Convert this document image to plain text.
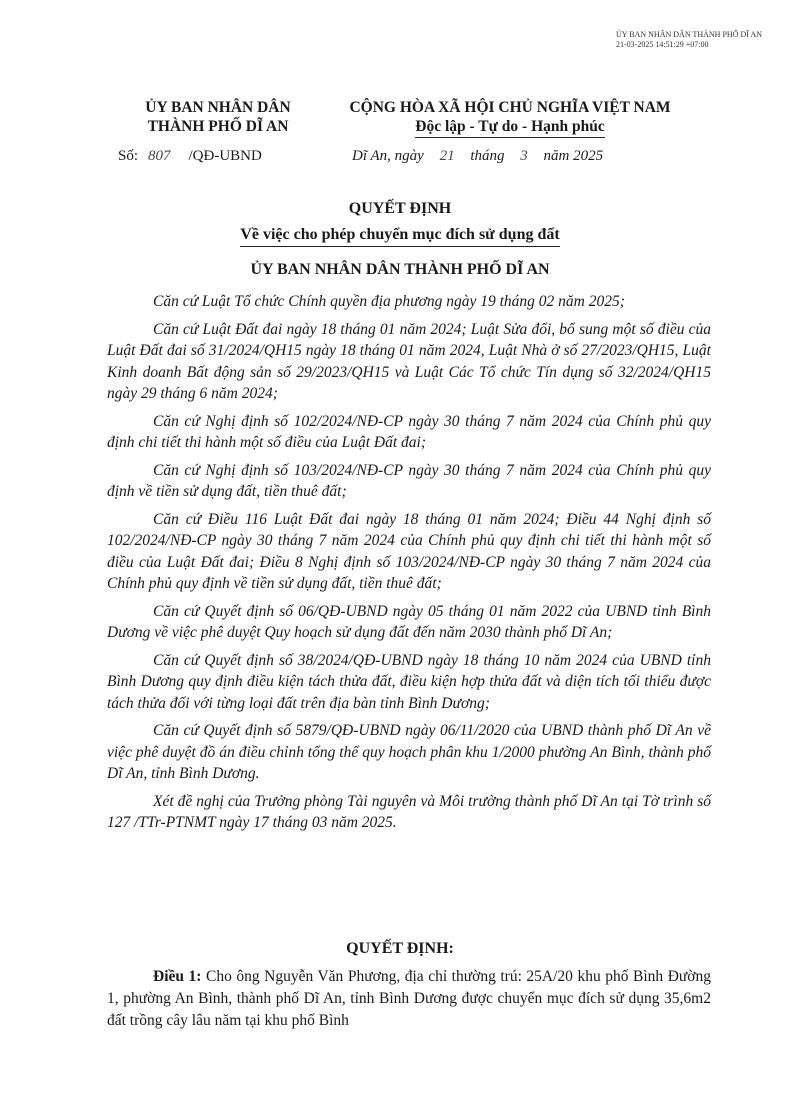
ỦY BAN NHÂN DÂN THÀNH PHỐ DĨ AN
21-03-2025 14:51:29 +07:00
ỦY BAN NHÂN DÂN
THÀNH PHỐ DĨ AN
CỘNG HÒA XÃ HỘI CHỦ NGHĨA VIỆT NAM
Độc lập - Tự do - Hạnh phúc
Số: 807 /QĐ-UBND	Dĩ An, ngày 21 tháng 3 năm 2025
QUYẾT ĐỊNH
Về việc cho phép chuyển mục đích sử dụng đất
ỦY BAN NHÂN DÂN THÀNH PHỐ DĨ AN

Căn cứ Luật Tổ chức Chính quyền địa phương ngày 19 tháng 02 năm 2025;

Căn cứ Luật Đất đai ngày 18 tháng 01 năm 2024; Luật Sửa đổi, bổ sung một số điều của Luật Đất đai số 31/2024/QH15 ngày 18 tháng 01 năm 2024, Luật Nhà ở số 27/2023/QH15, Luật Kinh doanh Bất động sản số 29/2023/QH15 và Luật Các Tổ chức Tín dụng số 32/2024/QH15 ngày 29 tháng 6 năm 2024;

Căn cứ Nghị định số 102/2024/NĐ-CP ngày 30 tháng 7 năm 2024 của Chính phủ quy định chi tiết thi hành một số điều của Luật Đất đai;

Căn cứ Nghị định số 103/2024/NĐ-CP ngày 30 tháng 7 năm 2024 của Chính phủ quy định về tiền sử dụng đất, tiền thuê đất;

Căn cứ Điều 116 Luật Đất đai ngày 18 tháng 01 năm 2024; Điều 44 Nghị định số 102/2024/NĐ-CP ngày 30 tháng 7 năm 2024 của Chính phủ quy định chi tiết thi hành một số điều của Luật Đất đai; Điều 8 Nghị định số 103/2024/NĐ-CP ngày 30 tháng 7 năm 2024 của Chính phủ quy định về tiền sử dụng đất, tiền thuê đất;

Căn cứ Quyết định số 06/QĐ-UBND ngày 05 tháng 01 năm 2022 của UBND tỉnh Bình Dương về việc phê duyệt Quy hoạch sử dụng đất đến năm 2030 thành phố Dĩ An;

Căn cứ Quyết định số 38/2024/QĐ-UBND ngày 18 tháng 10 năm 2024 của UBND tỉnh Bình Dương quy định điều kiện tách thửa đất, điều kiện hợp thửa đất và diện tích tối thiểu được tách thửa đối với từng loại đất trên địa bàn tỉnh Bình Dương;

Căn cứ Quyết định số 5879/QĐ-UBND ngày 06/11/2020 của UBND thành phố Dĩ An về việc phê duyệt đồ án điều chỉnh tổng thể quy hoạch phân khu 1/2000 phường An Bình, thành phố Dĩ An, tỉnh Bình Dương.

Xét đề nghị của Trưởng phòng Tài nguyên và Môi trường thành phố Dĩ An tại Tờ trình số 127 /TTr-PTNMT ngày 17 tháng 03 năm 2025.

QUYẾT ĐỊNH:

Điều 1: Cho ông Nguyễn Văn Phương, địa chỉ thường trú: 25A/20 khu phố Bình Đường 1, phường An Bình, thành phố Dĩ An, tỉnh Bình Dương được chuyển mục đích sử dụng 35,6m2 đất trồng cây lâu năm tại khu phố Bình
